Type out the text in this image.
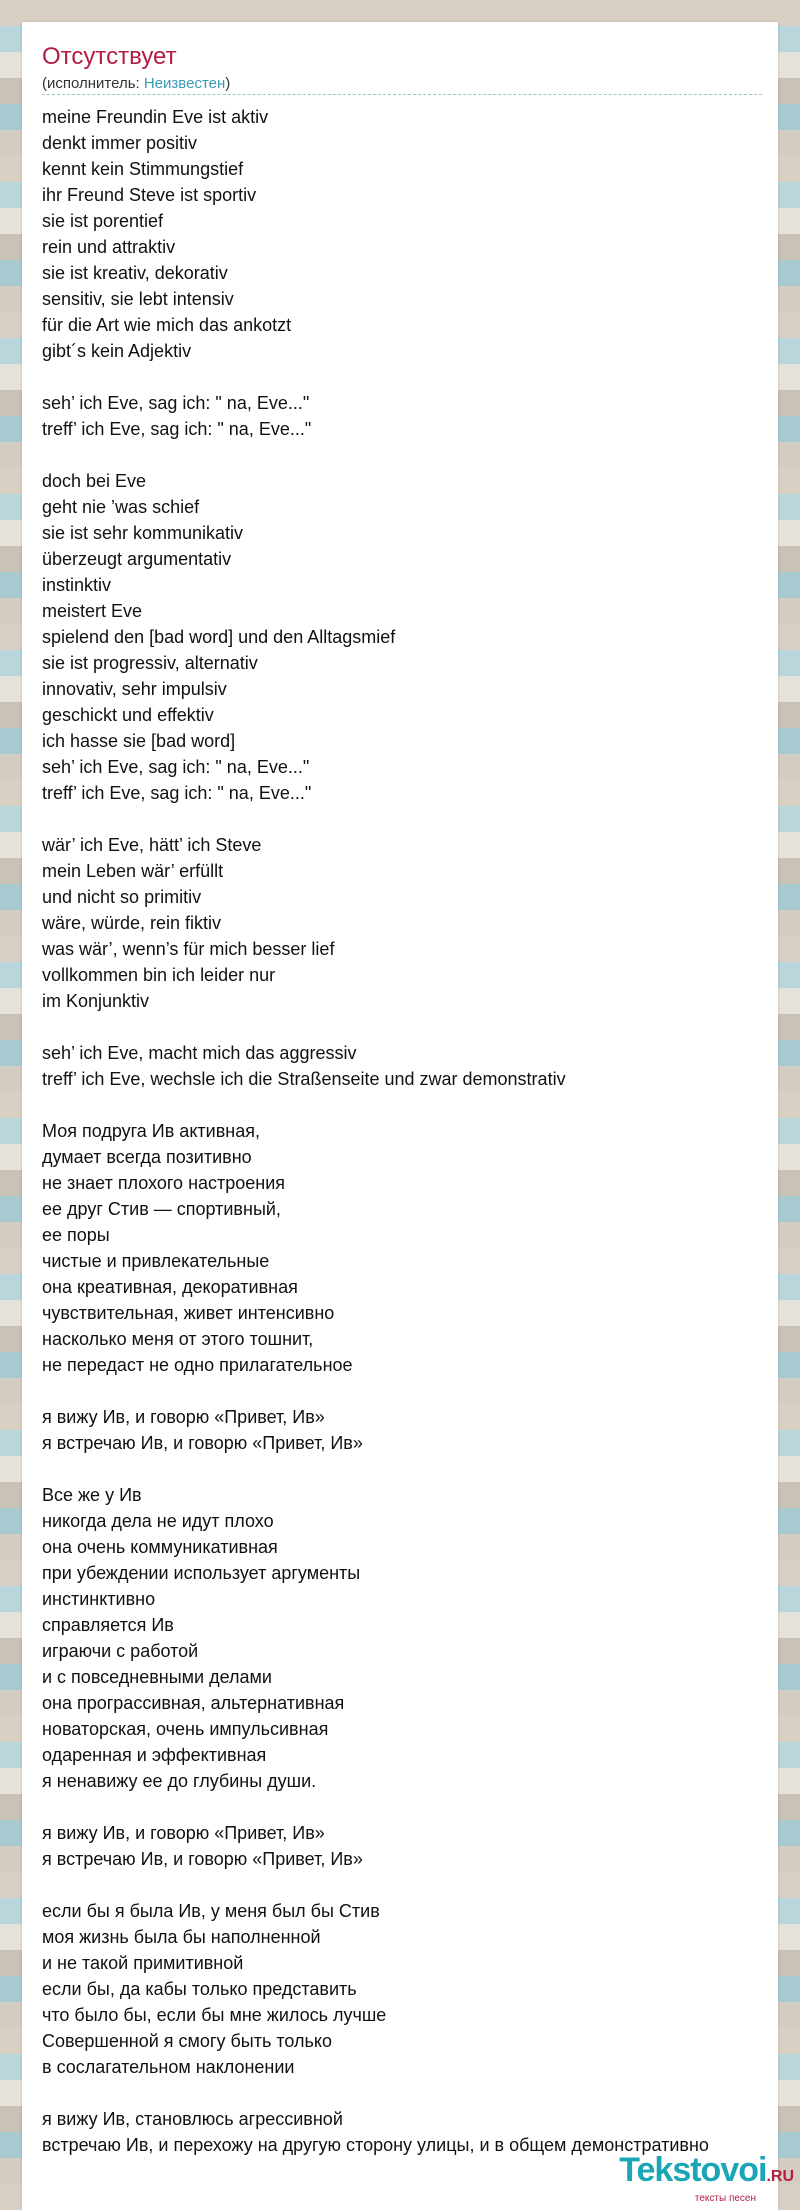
Отсутствует
(исполнитель: Неизвестен)
meine Freundin Eve ist aktiv
denkt immer positiv
kennt kein Stimmungstief
ihr Freund Steve ist sportiv
sie ist porentief
rein und attraktiv
sie ist kreativ, dekorativ
sensitiv, sie lebt intensiv
für die Art wie mich das ankotzt
gibt´s kein Adjektiv
seh’ ich Eve, sag ich: " na, Eve..."
treff’ ich Eve, sag ich: " na, Eve..."
doch bei Eve
geht nie ’was schief
sie ist sehr kommunikativ
überzeugt argumentativ
instinktiv
meistert Eve
spielend den [bad word] und den Alltagsmief
sie ist progressiv, alternativ
innovativ, sehr impulsiv
geschickt und effektiv
ich hasse sie [bad word]
seh’ ich Eve, sag ich: " na, Eve..."
treff’ ich Eve, sag ich: " na, Eve..."
wär’ ich Eve, hätt’ ich Steve
mein Leben wär’ erfüllt
und nicht so primitiv
wäre, würde, rein fiktiv
was wär’, wenn’s für mich besser lief
vollkommen bin ich leider nur
im Konjunktiv
seh’ ich Eve, macht mich das aggressiv
treff’ ich Eve, wechsle ich die Straßenseite und zwar demonstrativ
Моя подруга Ив активная,
думает всегда позитивно
не знает плохого настроения
ее друг Стив — спортивный,
ее поры
чистые и привлекательные
она креативная, декоративная
чувствительная, живет интенсивно
насколько меня от этого тошнит,
не передаст не одно прилагательное
я вижу Ив, и говорю «Привет, Ив»
я встречаю Ив, и говорю «Привет, Ив»
Все же у Ив
никогда дела не идут плохо
она очень коммуникативная
при убеждении использует аргументы
инстинктивно
справляется Ив
играючи с работой
и с повседневными делами
она програссивная, альтернативная
новаторская, очень импульсивная
одаренная и эффективная
я ненавижу ее до глубины души.
я вижу Ив, и говорю «Привет, Ив»
я встречаю Ив, и говорю «Привет, Ив»
если бы я была Ив, у меня был бы Стив
моя жизнь была бы наполненной
и не такой примитивной
если бы, да кабы только представить
что было бы, если бы мне жилось лучше
Совершенной я смогу быть только
в сослагательном наклонении
я вижу Ив, становлюсь агрессивной
встречаю Ив, и перехожу на другую сторону улицы, и в общем демонстративно
Tekstovoi.RU
тексты песен
